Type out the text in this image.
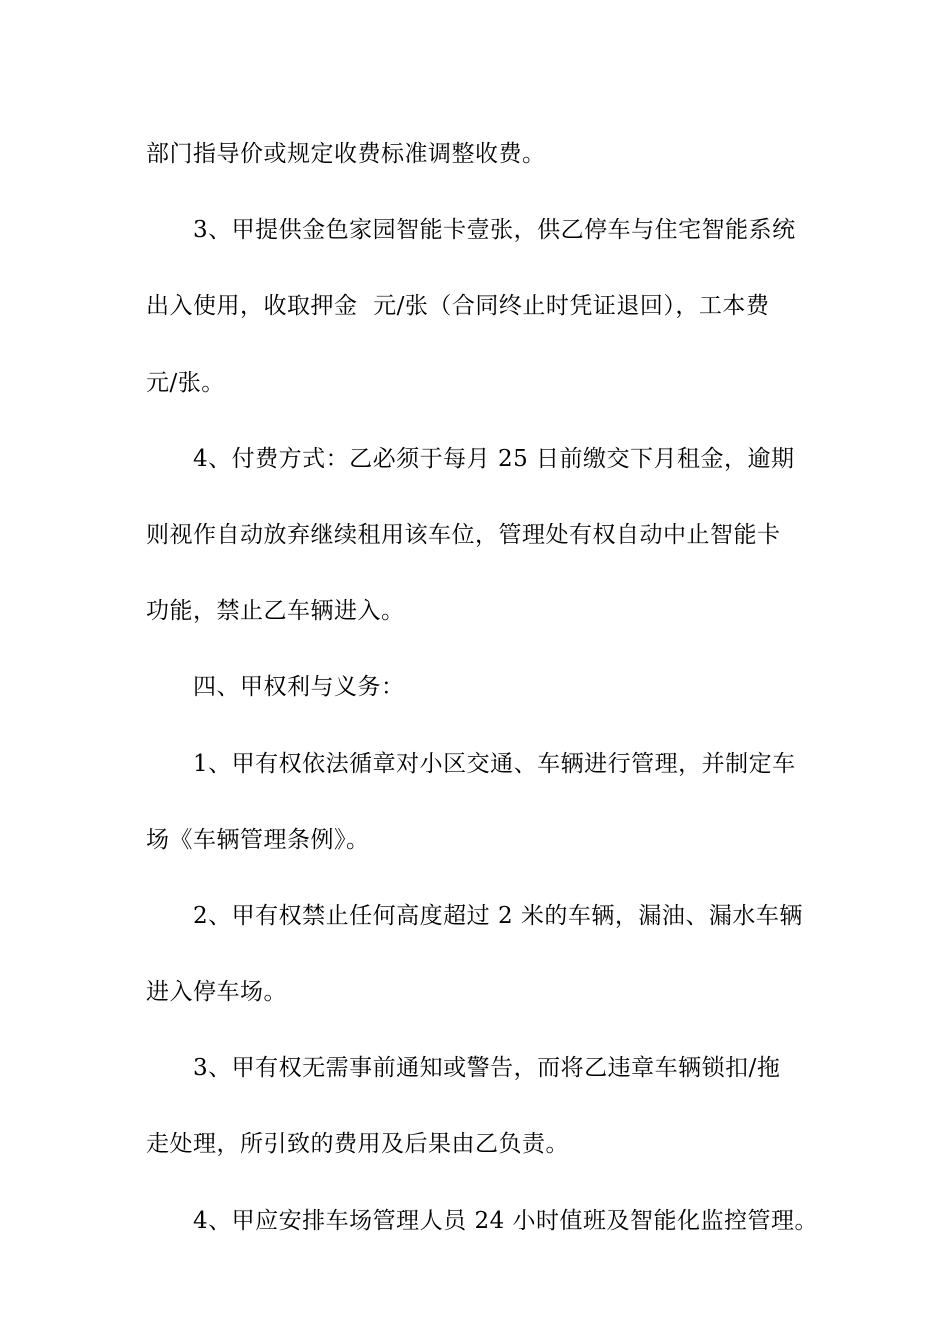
部门指导价或规定收费标准调整收费。
3、甲提供金色家园智能卡壹张，供乙停车与住宅智能系统
出入使用，收取押金  元/张（合同终止时凭证退回），工本费
元/张。
4、付费方式：乙必须于每月 25 日前缴交下月租金，逾期
则视作自动放弃继续租用该车位，管理处有权自动中止智能卡
功能，禁止乙车辆进入。
四、甲权利与义务：
1、甲有权依法循章对小区交通、车辆进行管理，并制定车
场《车辆管理条例》。
2、甲有权禁止任何高度超过 2 米的车辆，漏油、漏水车辆
进入停车场。
3、甲有权无需事前通知或警告，而将乙违章车辆锁扣/拖
走处理，所引致的费用及后果由乙负责。
4、甲应安排车场管理人员 24 小时值班及智能化监控管理。
